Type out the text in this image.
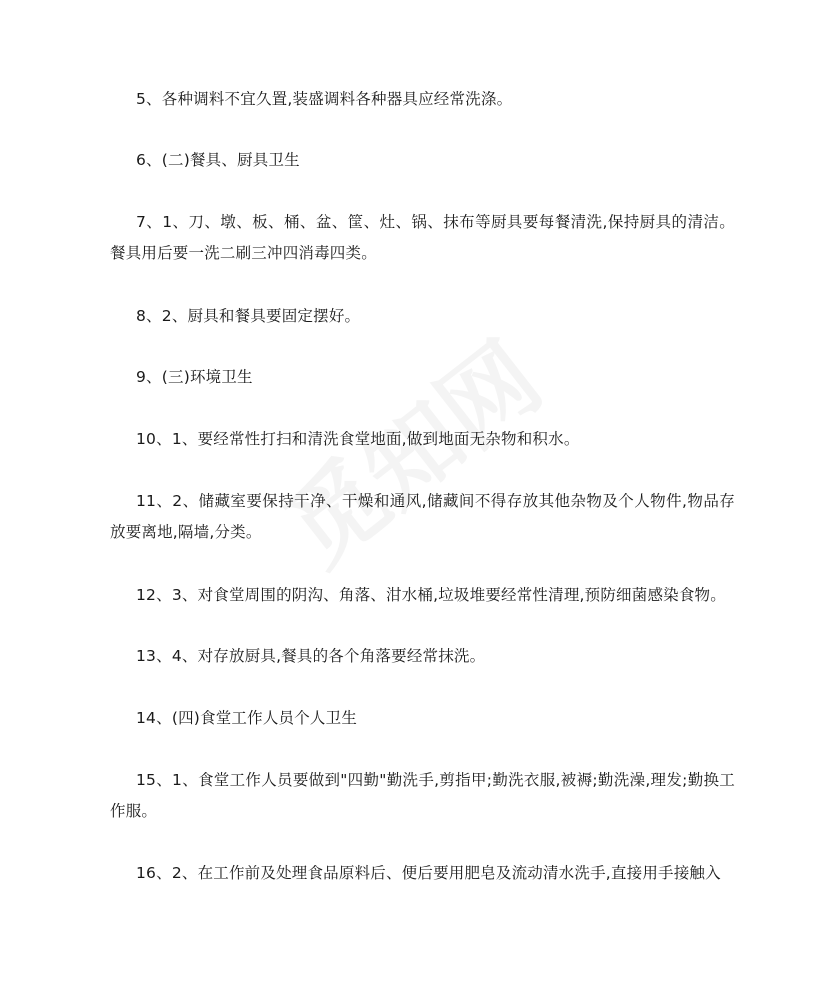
5、各种调料不宜久置,装盛调料各种器具应经常洗涤。

6、(二)餐具、厨具卫生

7、1、刀、墩、板、桶、盆、筐、灶、锅、抹布等厨具要每餐清洗,保持厨具的清洁。餐具用后要一洗二刷三冲四消毒四类。

8、2、厨具和餐具要固定摆好。

9、(三)环境卫生

10、1、要经常性打扫和清洗食堂地面,做到地面无杂物和积水。

11、2、储藏室要保持干净、干燥和通风,储藏间不得存放其他杂物及个人物件,物品存放要离地,隔墙,分类。

12、3、对食堂周围的阴沟、角落、泔水桶,垃圾堆要经常性清理,预防细菌感染食物。

13、4、对存放厨具,餐具的各个角落要经常抹洗。

14、(四)食堂工作人员个人卫生

15、1、食堂工作人员要做到"四勤"勤洗手,剪指甲;勤洗衣服,被褥;勤洗澡,理发;勤换工作服。

16、2、在工作前及处理食品原料后、便后要用肥皂及流动清水洗手,直接用手接触入
